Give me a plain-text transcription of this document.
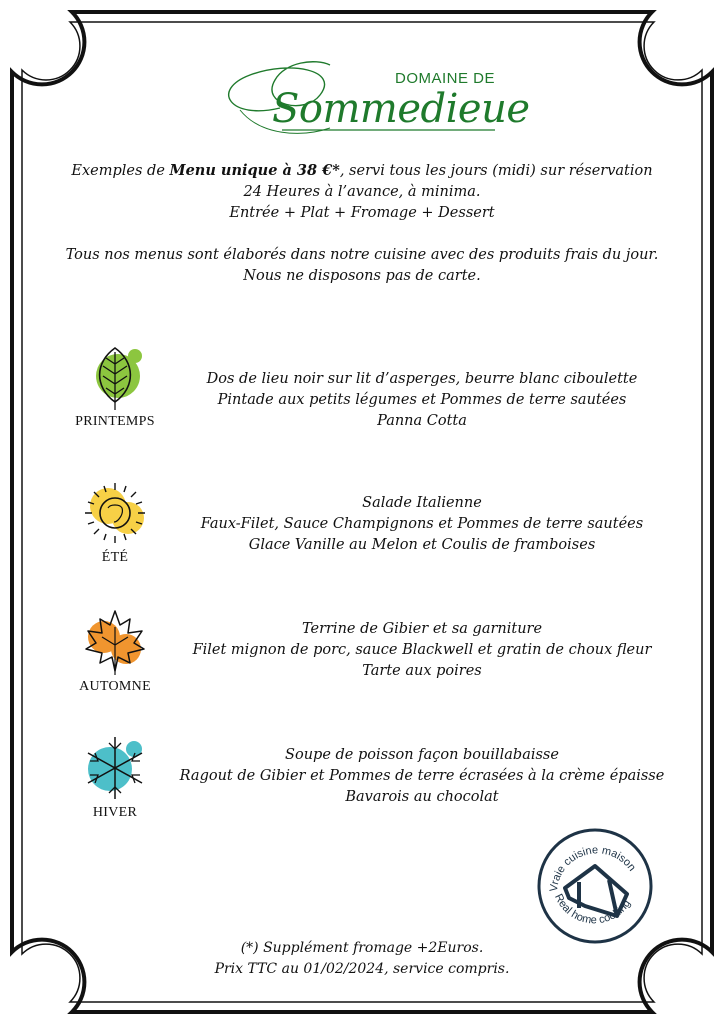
DOMAINE DE
Sommedieue

Exemples de Menu unique à 38 €*, servi tous les jours (midi) sur réservation

24 Heures à l’avance, à minima.

Entrée + Plat + Fromage + Dessert

Tous nos menus sont élaborés dans notre cuisine avec des produits frais du jour.

Nous ne disposons pas de carte.

PRINTEMPS

Dos de lieu noir sur lit d’asperges, beurre blanc ciboulette

Pintade aux petits légumes et Pommes de terre sautées

Panna Cotta

ÉTÉ

Salade Italienne

Faux-Filet, Sauce Champignons et Pommes de terre sautées

Glace Vanille au Melon et Coulis de framboises

AUTOMNE

Terrine de Gibier et sa garniture

Filet mignon de porc, sauce Blackwell et gratin de choux fleur

Tarte aux poires

HIVER

Soupe de poisson façon bouillabaisse

Ragout de Gibier et Pommes de terre écrasées à la crème épaisse

Bavarois au chocolat

Vraie cuisine maison
Real home cooking

(*) Supplément fromage +2Euros.

Prix TTC au 01/02/2024, service compris.
